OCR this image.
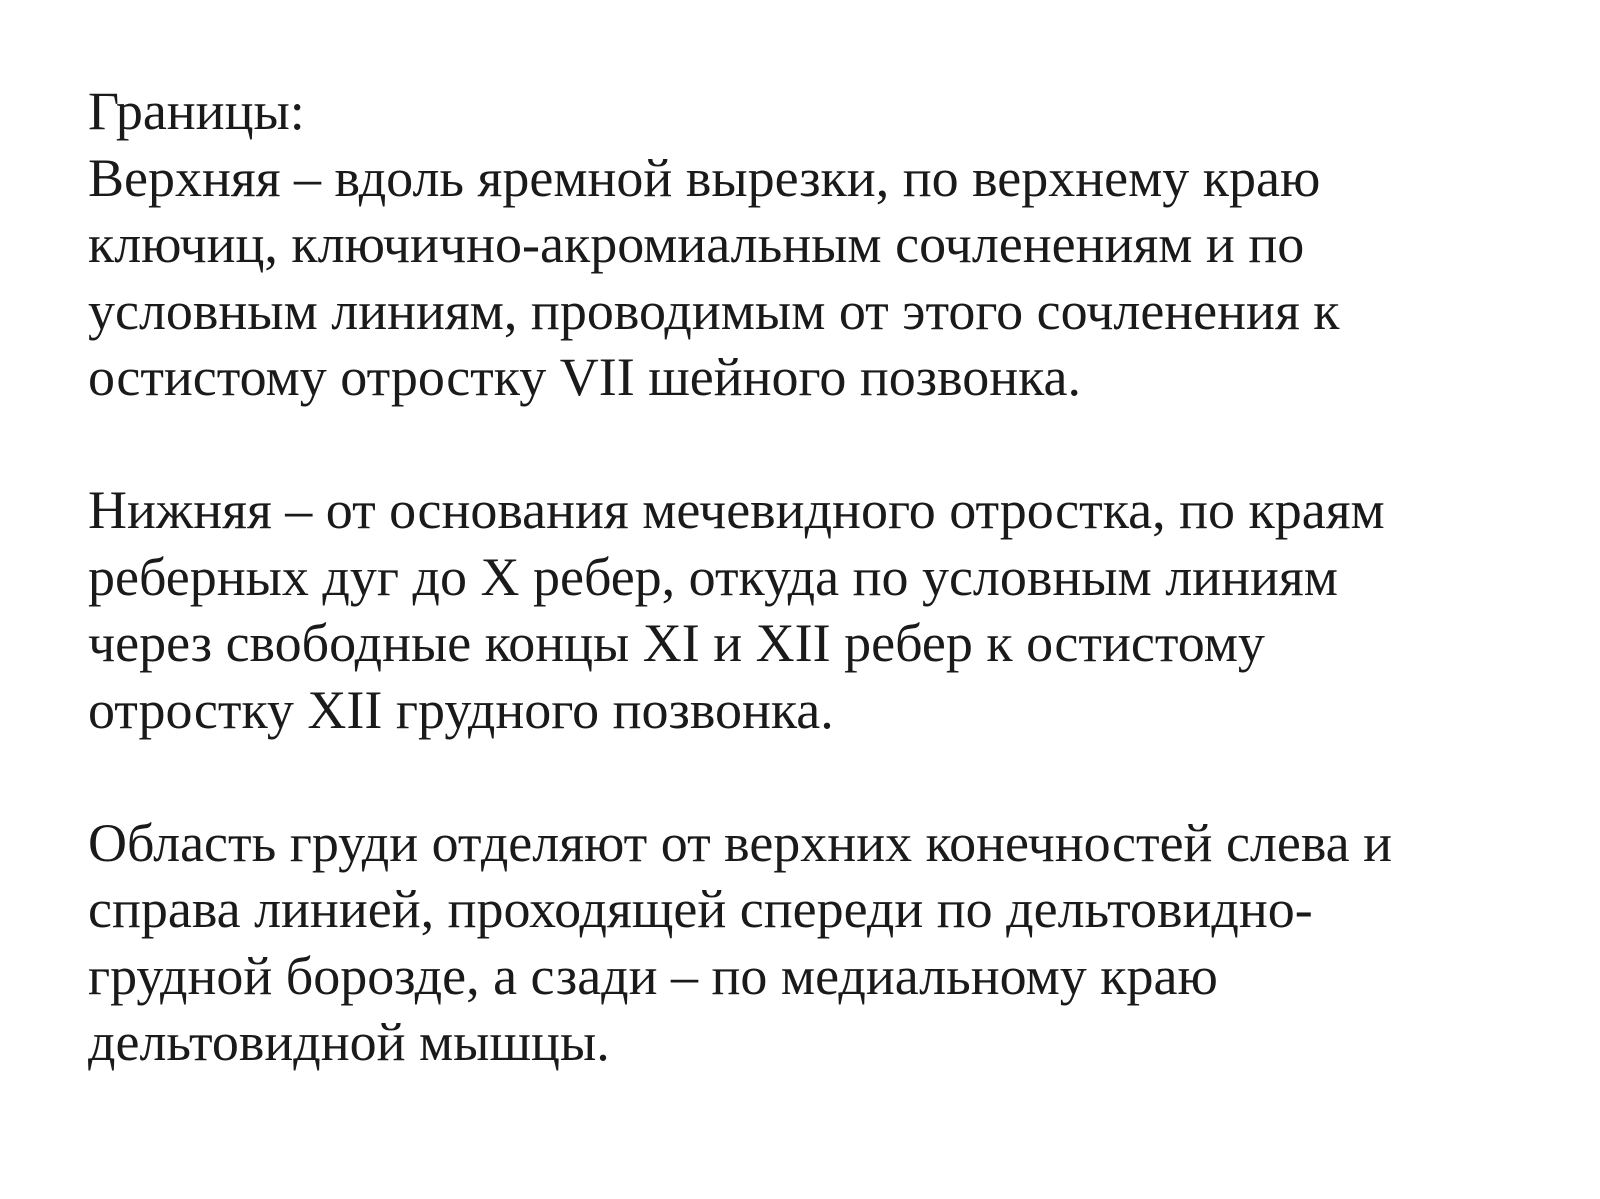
Границы:
Верхняя – вдоль яремной вырезки, по верхнему краю
ключиц, ключично-акромиальным сочленениям и по
условным линиям, проводимым от этого сочленения к
остистому отростку VII шейного позвонка.
Нижняя – от основания мечевидного отростка, по краям
реберных дуг до X ребер, откуда по условным линиям
через свободные концы XI и XII ребер к остистому
отростку XII грудного позвонка.
Область груди отделяют от верхних конечностей слева и
справа линией, проходящей спереди по дельтовидно-
грудной борозде, а сзади – по медиальному краю
дельтовидной мышцы.
